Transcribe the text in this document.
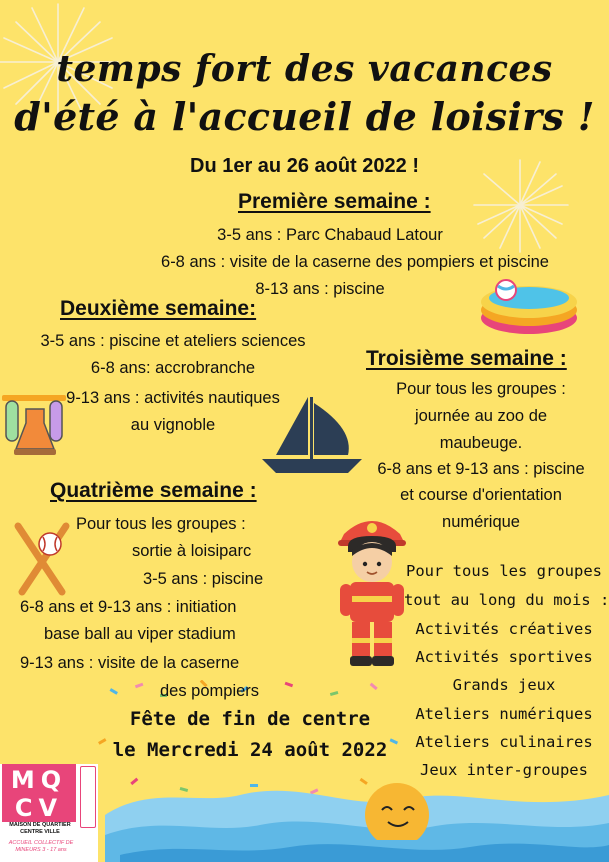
temps fort des vacances
d'été à l'accueil de loisirs !
Du 1er au 26 août 2022 !
Première semaine :
3-5 ans : Parc Chabaud Latour
6-8 ans : visite de la caserne des pompiers et piscine
8-13 ans : piscine
Deuxième semaine:
3-5 ans : piscine et ateliers sciences
6-8 ans: accrobranche
9-13 ans : activités nautiques
au vignoble
Troisième semaine :
Pour tous les groupes :
journée au zoo de
maubeuge.
6-8 ans et 9-13 ans : piscine
et course d'orientation
numérique
Quatrième semaine :
Pour tous les groupes :
sortie à loisiparc
3-5 ans : piscine
6-8 ans et 9-13 ans : initiation
base ball au viper stadium
9-13 ans : visite de la caserne
des pompiers
Pour tous les groupes
tout au long du mois :
Activités créatives
Activités sportives
Grands jeux
Ateliers numériques
Ateliers culinaires
Jeux inter-groupes
Fête de fin de centre
le Mercredi 24 août 2022
MQCV
MAISON DE QUARTIER CENTRE VILLE
ACCUEIL COLLECTIF DE MINEURS 3 - 17 ans
